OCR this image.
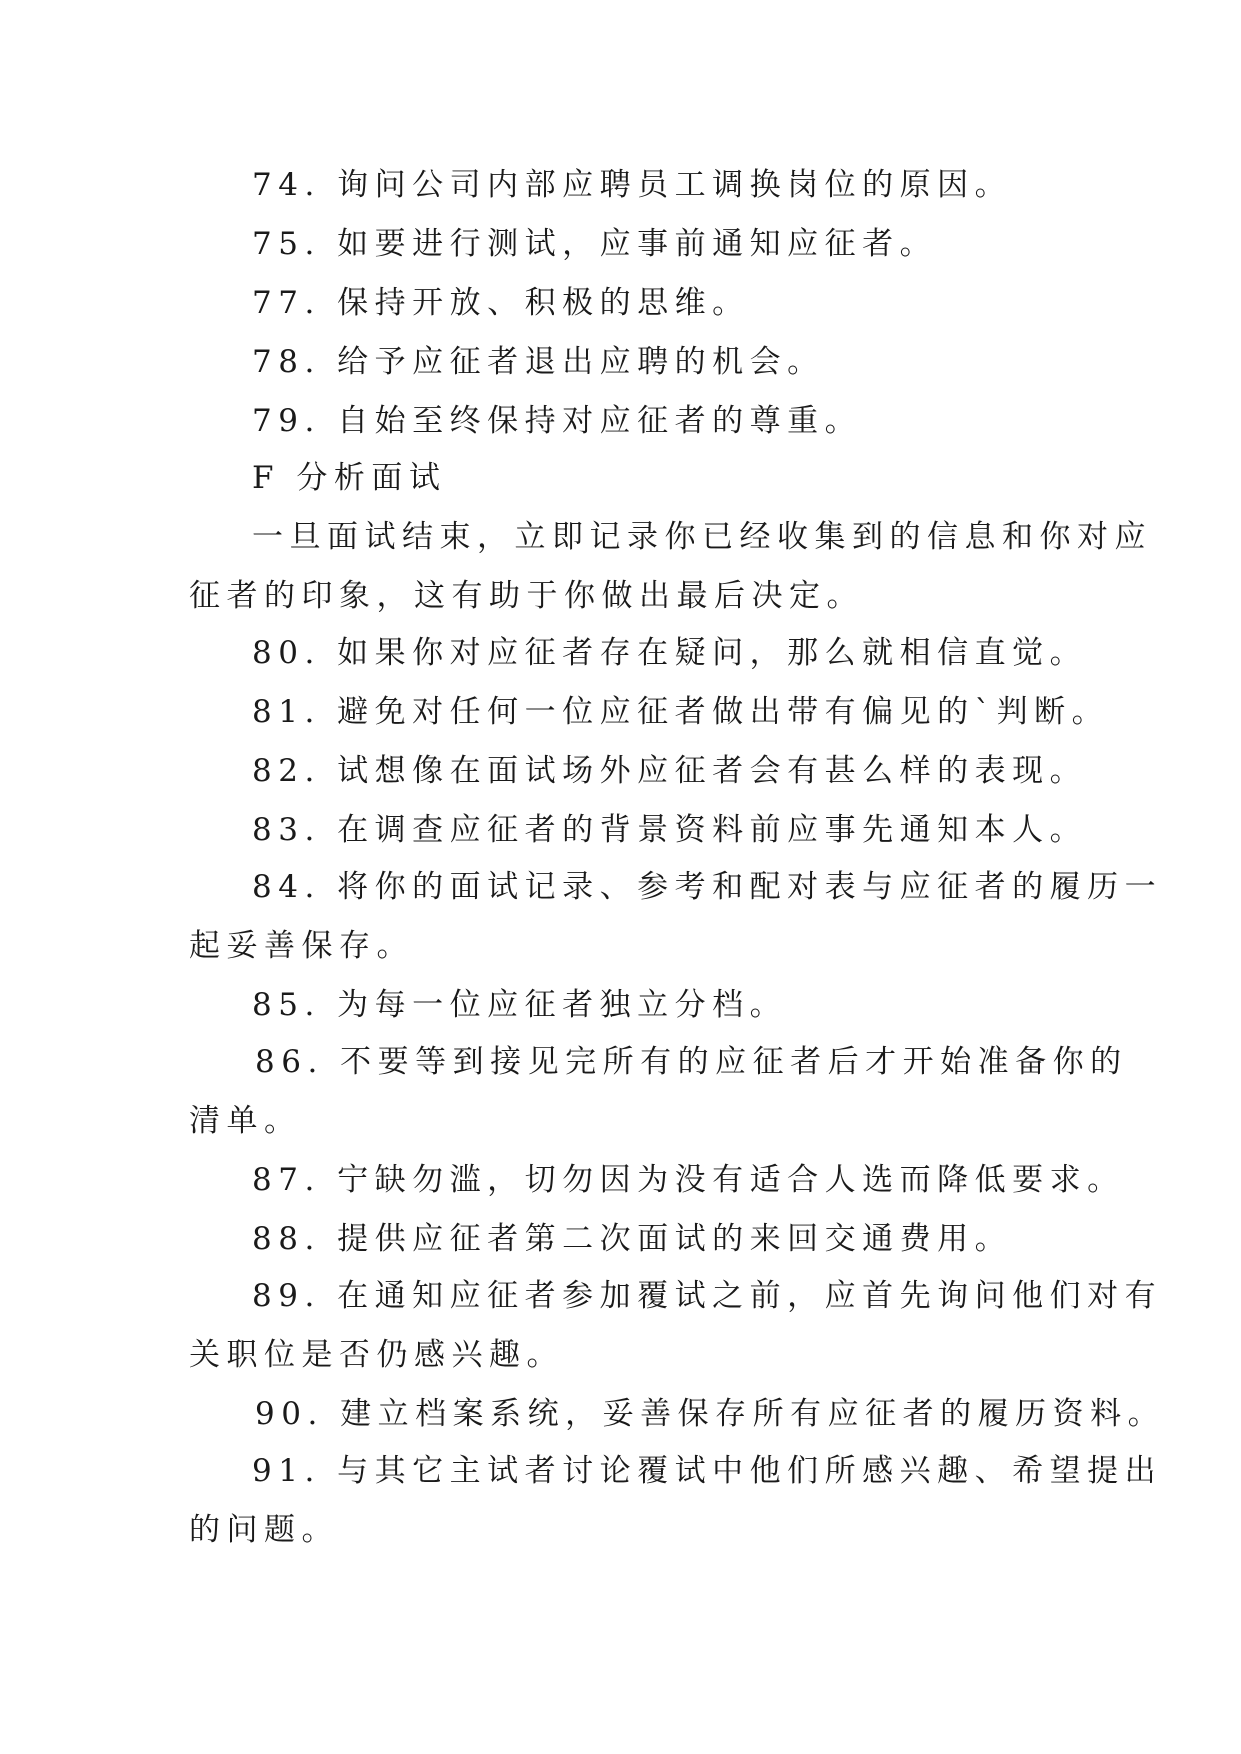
74. 询问公司内部应聘员工调换岗位的原因。
75. 如要进行测试，应事前通知应征者。
77. 保持开放、积极的思维。
78. 给予应征者退出应聘的机会。
79. 自始至终保持对应征者的尊重。
F 分析面试
一旦面试结束，立即记录你已经收集到的信息和你对应
征者的印象，这有助于你做出最后决定。
80. 如果你对应征者存在疑问，那么就相信直觉。
81. 避免对任何一位应征者做出带有偏见的`判断。
82. 试想像在面试场外应征者会有甚么样的表现。
83. 在调查应征者的背景资料前应事先通知本人。
84. 将你的面试记录、参考和配对表与应征者的履历一
起妥善保存。
85. 为每一位应征者独立分档。
86. 不要等到接见完所有的应征者后才开始准备你的
清单。
87. 宁缺勿滥，切勿因为没有适合人选而降低要求。
88. 提供应征者第二次面试的来回交通费用。
89. 在通知应征者参加覆试之前，应首先询问他们对有
关职位是否仍感兴趣。
90. 建立档案系统，妥善保存所有应征者的履历资料。
91. 与其它主试者讨论覆试中他们所感兴趣、希望提出
的问题。
